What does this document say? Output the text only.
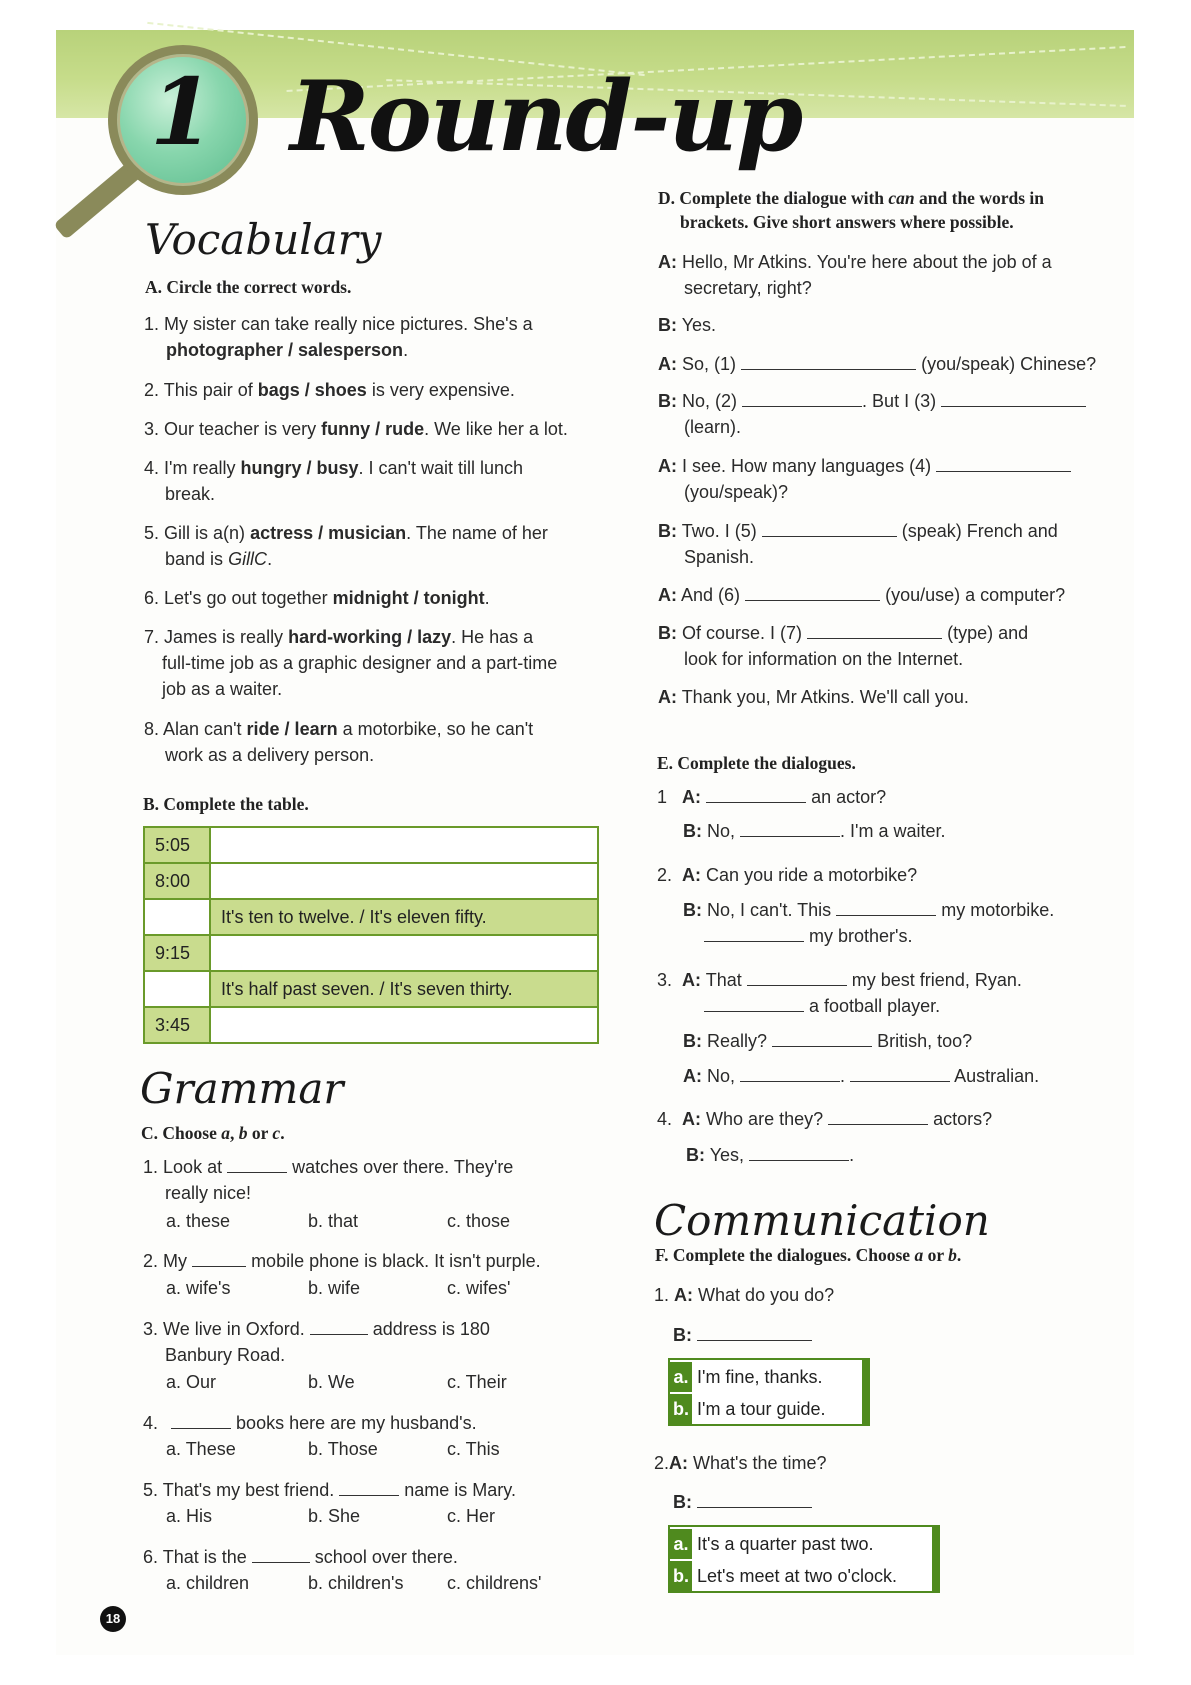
1 Round-up
Vocabulary
A. Circle the correct words.
1. My sister can take really nice pictures. She's a
photographer / salesperson.
2. This pair of bags / shoes is very expensive.
3. Our teacher is very funny / rude. We like her a lot.
4. I'm really hungry / busy. I can't wait till lunch
break.
5. Gill is a(n) actress / musician. The name of her
band is GillC.
6. Let's go out together midnight / tonight.
7. James is really hard-working / lazy. He has a
full-time job as a graphic designer and a part-time
job as a waiter.
8. Alan can't ride / learn a motorbike, so he can't
work as a delivery person.
B. Complete the table.
5:05	
8:00	
	It's ten to twelve. / It's eleven fifty.
9:15	
	It's half past seven. / It's seven thirty.
3:45	
Grammar
C. Choose a, b or c.
1. Look at	watches over there. They're
really nice!
a. these	b. that	c. those
2. My	mobile phone is black. It isn't purple.
a. wife's	b. wife	c. wifes'
3. We live in Oxford.	address is 180
Banbury Road.
a. Our	b. We	c. Their
4.	books here are my husband's.
a. These	b. Those	c. This
5. That's my best friend.	name is Mary.
a. His	b. She	c. Her
6. That is the	school over there.
a. children	b. children's c. childrens'
D. Complete the dialogue with can and the words in
brackets. Give short answers where possible.
A: Hello, Mr Atkins. You're here about the job of a
secretary, right?
B: Yes.
A: So, (1)	(you/speak) Chinese?
B: No, (2)	. But I (3)
(learn).
A: I see. How many languages (4)
(you/speak)?
B: Two. I (5)	(speak) French and
Spanish.
A: And (6)	(you/use) a computer?
B: Of course. I (7)	(type) and
look for information on the Internet.
A: Thank you, Mr Atkins. We'll call you.
E. Complete the dialogues.
1 A:	an actor?
B: No,	. I'm a waiter.
2. A: Can you ride a motorbike?
B: No, I can't. This	my motorbike.
my brother's.
3. A: That	my best friend, Ryan.
a football player.
B: Really?	British, too?
A: No,	.	Australian.
4. A: Who are they?	actors?
B: Yes,	.
Communication
F. Complete the dialogues. Choose a or b.
1. A: What do you do?
B:
a. I'm fine, thanks.
b. I'm a tour guide.
2.A: What's the time?
B:
a. It's a quarter past two.
b. Let's meet at two o'clock.
18
